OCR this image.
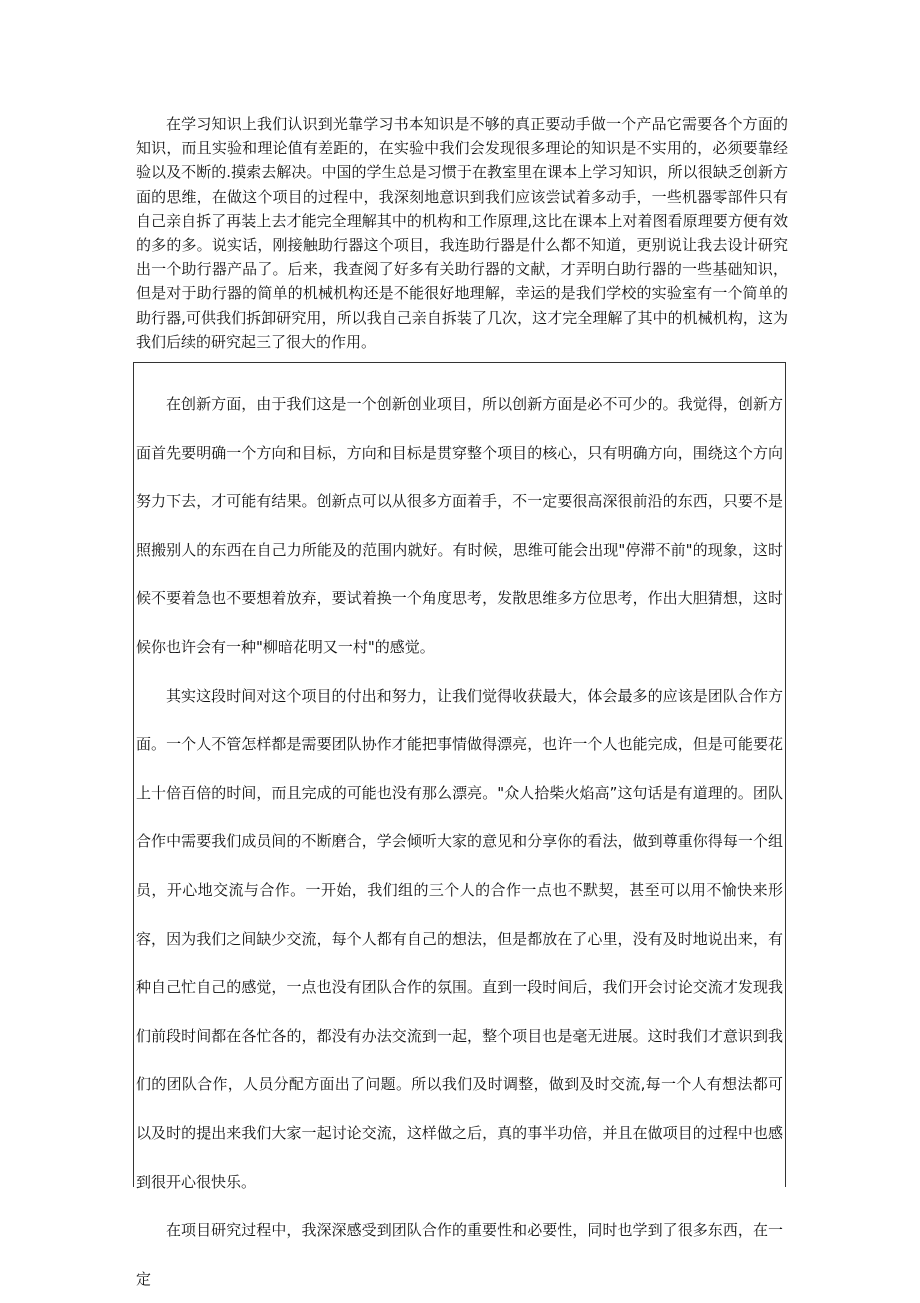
在学习知识上我们认识到光靠学习书本知识是不够的真正要动手做一个产品它需要各个方面的知识，而且实验和理论值有差距的，在实验中我们会发现很多理论的知识是不实用的，必须要靠经验以及不断的.摸索去解决。中国的学生总是习惯于在教室里在课本上学习知识，所以很缺乏创新方面的思维，在做这个项目的过程中，我深刻地意识到我们应该尝试着多动手，一些机器零部件只有自己亲自拆了再装上去才能完全理解其中的机构和工作原理,这比在课本上对着图看原理要方便有效的多的多。说实话，刚接触助行器这个项目，我连助行器是什么都不知道，更别说让我去设计研究出一个助行器产品了。后来，我查阅了好多有关助行器的文献，才弄明白助行器的一些基础知识，但是对于助行器的简单的机械机构还是不能很好地理解，幸运的是我们学校的实验室有一个简单的助行器,可供我们拆卸研究用，所以我自己亲自拆装了几次，这才完全理解了其中的机械机构，这为我们后续的研究起三了很大的作用。

在创新方面，由于我们这是一个创新创业项目，所以创新方面是必不可少的。我觉得，创新方面首先要明确一个方向和目标，方向和目标是贯穿整个项目的核心，只有明确方向，围绕这个方向努力下去，才可能有结果。创新点可以从很多方面着手，不一定要很高深很前沿的东西，只要不是照搬别人的东西在自己力所能及的范围内就好。有时候，思维可能会出现"停滞不前"的现象，这时候不要着急也不要想着放弃，要试着换一个角度思考，发散思维多方位思考，作出大胆猜想，这时候你也许会有一种"柳暗花明又一村"的感觉。

其实这段时间对这个项目的付出和努力，让我们觉得收获最大，体会最多的应该是团队合作方面。一个人不管怎样都是需要团队协作才能把事情做得漂亮，也许一个人也能完成，但是可能要花上十倍百倍的时间，而且完成的可能也没有那么漂亮。"众人拾柴火焰高”这句话是有道理的。团队合作中需要我们成员间的不断磨合，学会倾听大家的意见和分享你的看法，做到尊重你得每一个组员，开心地交流与合作。一开始，我们组的三个人的合作一点也不默契，甚至可以用不愉快来形容，因为我们之间缺少交流，每个人都有自己的想法，但是都放在了心里，没有及时地说出来，有种自己忙自己的感觉，一点也没有团队合作的氛围。直到一段时间后，我们开会讨论交流才发现我们前段时间都在各忙各的，都没有办法交流到一起，整个项目也是毫无进展。这时我们才意识到我们的团队合作，人员分配方面出了问题。所以我们及时调整，做到及时交流,每一个人有想法都可以及时的提出来我们大家一起讨论交流，这样做之后，真的事半功倍，并且在做项目的过程中也感到很开心很快乐。

在项目研究过程中，我深深感受到团队合作的重要性和必要性，同时也学到了很多东西，在一定
